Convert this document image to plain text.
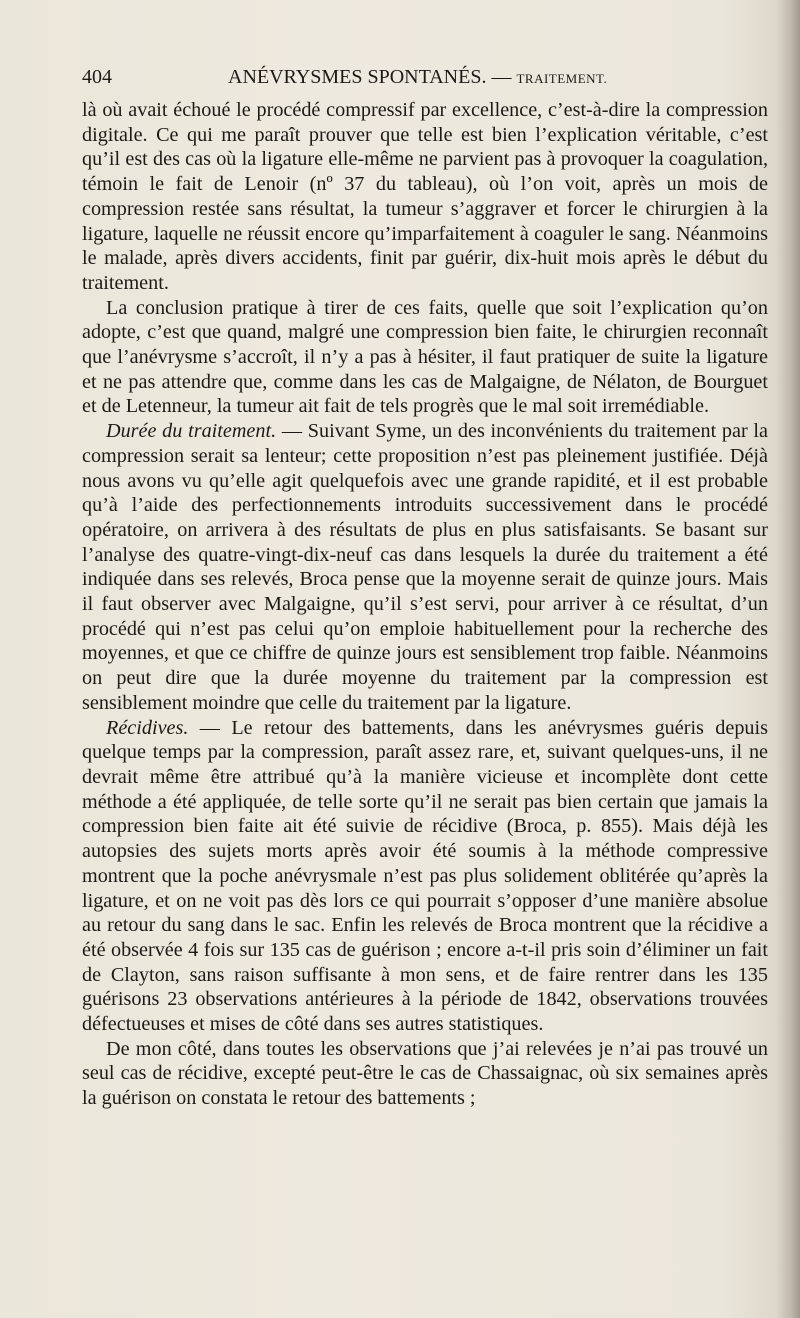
404	ANÉVRYSMES SPONTANÉS. — TRAITEMENT.

là où avait échoué le procédé compressif par excellence, c’est-à-dire la compression digitale. Ce qui me paraît prouver que telle est bien l’explication véritable, c’est qu’il est des cas où la ligature elle-même ne parvient pas à provoquer la coagulation, témoin le fait de Lenoir (nº 37 du tableau), où l’on voit, après un mois de compression restée sans résultat, la tumeur s’aggraver et forcer le chirurgien à la ligature, laquelle ne réussit encore qu’imparfaitement à coaguler le sang. Néanmoins le malade, après divers accidents, finit par guérir, dix-huit mois après le début du traitement.

La conclusion pratique à tirer de ces faits, quelle que soit l’explication qu’on adopte, c’est que quand, malgré une compression bien faite, le chirurgien reconnaît que l’anévrysme s’accroît, il n’y a pas à hésiter, il faut pratiquer de suite la ligature et ne pas attendre que, comme dans les cas de Malgaigne, de Nélaton, de Bourguet et de Letenneur, la tumeur ait fait de tels progrès que le mal soit irremédiable.

Durée du traitement. — Suivant Syme, un des inconvénients du traitement par la compression serait sa lenteur; cette proposition n’est pas pleinement justifiée. Déjà nous avons vu qu’elle agit quelquefois avec une grande rapidité, et il est probable qu’à l’aide des perfectionnements introduits successivement dans le procédé opératoire, on arrivera à des résultats de plus en plus satisfaisants. Se basant sur l’analyse des quatre-vingt-dix-neuf cas dans lesquels la durée du traitement a été indiquée dans ses relevés, Broca pense que la moyenne serait de quinze jours. Mais il faut observer avec Malgaigne, qu’il s’est servi, pour arriver à ce résultat, d’un procédé qui n’est pas celui qu’on emploie habituellement pour la recherche des moyennes, et que ce chiffre de quinze jours est sensiblement trop faible. Néanmoins on peut dire que la durée moyenne du traitement par la compression est sensiblement moindre que celle du traitement par la ligature.

Récidives. — Le retour des battements, dans les anévrysmes guéris depuis quelque temps par la compression, paraît assez rare, et, suivant quelques-uns, il ne devrait même être attribué qu’à la manière vicieuse et incomplète dont cette méthode a été appliquée, de telle sorte qu’il ne serait pas bien certain que jamais la compression bien faite ait été suivie de récidive (Broca, p. 855). Mais déjà les autopsies des sujets morts après avoir été soumis à la méthode compressive montrent que la poche anévrysmale n’est pas plus solidement oblitérée qu’après la ligature, et on ne voit pas dès lors ce qui pourrait s’opposer d’une manière absolue au retour du sang dans le sac. Enfin les relevés de Broca montrent que la récidive a été observée 4 fois sur 135 cas de guérison ; encore a-t-il pris soin d’éliminer un fait de Clayton, sans raison suffisante à mon sens, et de faire rentrer dans les 135 guérisons 23 observations antérieures à la période de 1842, observations trouvées défectueuses et mises de côté dans ses autres statistiques.

De mon côté, dans toutes les observations que j’ai relevées je n’ai pas trouvé un seul cas de récidive, excepté peut-être le cas de Chassaignac, où six semaines après la guérison on constata le retour des battements ;
